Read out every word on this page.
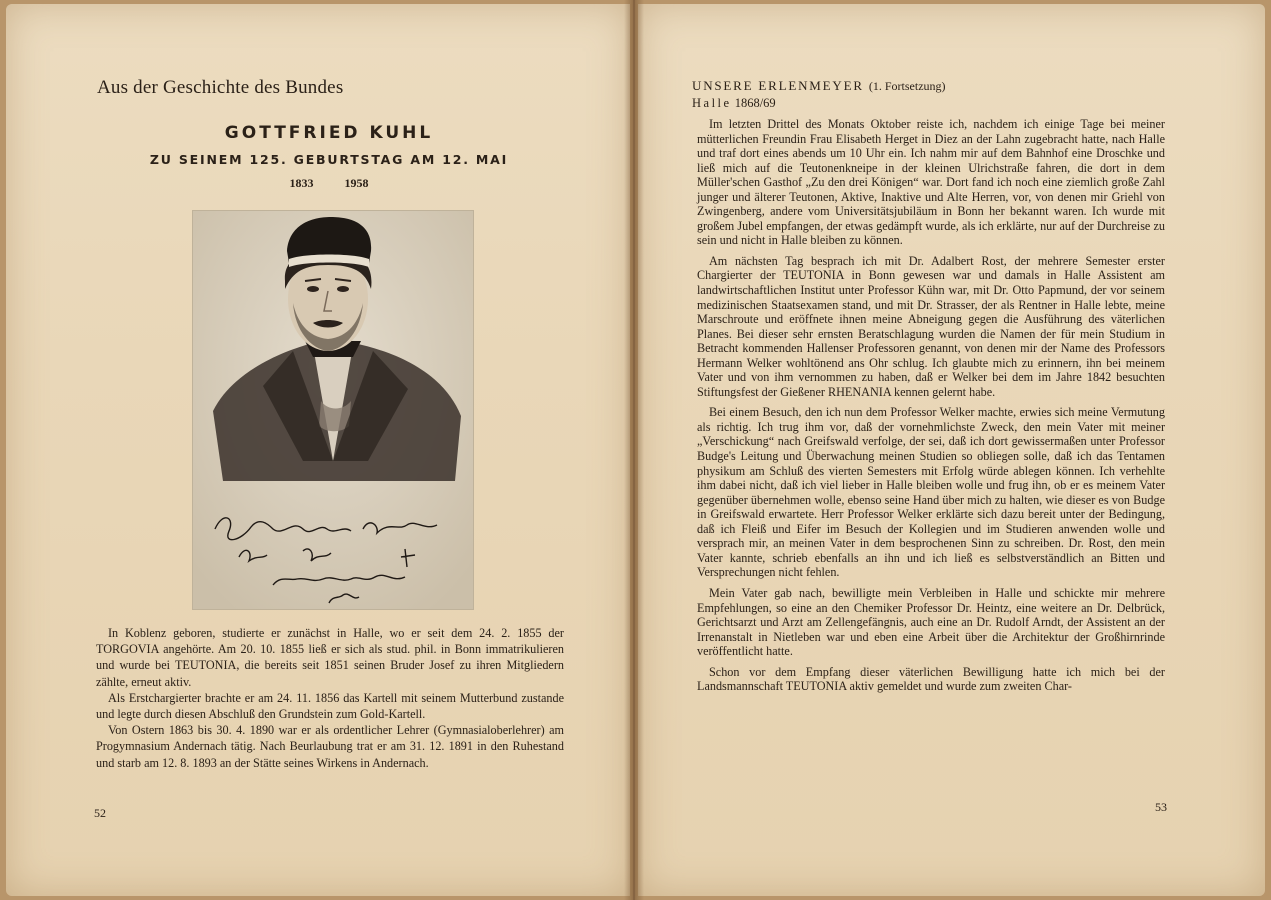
Aus der Geschichte des Bundes
GOTTFRIED KUHL
ZU SEINEM 125. GEBURTSTAG AM 12. MAI
1833 1958

In Koblenz geboren, studierte er zunächst in Halle, wo er seit dem 24. 2. 1855 der TORGOVIA angehörte. Am 20. 10. 1855 ließ er sich als stud. phil. in Bonn immatrikulieren und wurde bei TEUTONIA, die bereits seit 1851 seinen Bruder Josef zu ihren Mitgliedern zählte, erneut aktiv.

Als Erstchargierter brachte er am 24. 11. 1856 das Kartell mit seinem Mutterbund zustande und legte durch diesen Abschluß den Grundstein zum Gold-Kartell.

Von Ostern 1863 bis 30. 4. 1890 war er als ordentlicher Lehrer (Gymnasialoberlehrer) am Progymnasium Andernach tätig. Nach Beurlaubung trat er am 31. 12. 1891 in den Ruhestand und starb am 12. 8. 1893 an der Stätte seines Wirkens in Andernach.

52
UNSERE ERLENMEYER (1. Fortsetzung)
Halle 1868/69

Im letzten Drittel des Monats Oktober reiste ich, nachdem ich einige Tage bei meiner mütterlichen Freundin Frau Elisabeth Herget in Diez an der Lahn zugebracht hatte, nach Halle und traf dort eines abends um 10 Uhr ein. Ich nahm mir auf dem Bahnhof eine Droschke und ließ mich auf die Teutonenkneipe in der kleinen Ulrichstraße fahren, die dort in dem Müller'schen Gasthof „Zu den drei Königen“ war. Dort fand ich noch eine ziemlich große Zahl junger und älterer Teutonen, Aktive, Inaktive und Alte Herren, vor, von denen mir Griehl von Zwingenberg, andere vom Universitätsjubiläum in Bonn her bekannt waren. Ich wurde mit großem Jubel empfangen, der etwas gedämpft wurde, als ich erklärte, nur auf der Durchreise zu sein und nicht in Halle bleiben zu können.

Am nächsten Tag besprach ich mit Dr. Adalbert Rost, der mehrere Semester erster Chargierter der TEUTONIA in Bonn gewesen war und damals in Halle Assistent am landwirtschaftlichen Institut unter Professor Kühn war, mit Dr. Otto Papmund, der vor seinem medizinischen Staatsexamen stand, und mit Dr. Strasser, der als Rentner in Halle lebte, meine Marschroute und eröffnete ihnen meine Abneigung gegen die Ausführung des väterlichen Planes. Bei dieser sehr ernsten Beratschlagung wurden die Namen der für mein Studium in Betracht kommenden Hallenser Professoren genannt, von denen mir der Name des Professors Hermann Welker wohltönend ans Ohr schlug. Ich glaubte mich zu erinnern, ihn bei meinem Vater und von ihm vernommen zu haben, daß er Welker bei dem im Jahre 1842 besuchten Stiftungsfest der Gießener RHENANIA kennen gelernt habe.

Bei einem Besuch, den ich nun dem Professor Welker machte, erwies sich meine Vermutung als richtig. Ich trug ihm vor, daß der vornehmlichste Zweck, den mein Vater mit meiner „Verschickung“ nach Greifswald verfolge, der sei, daß ich dort gewissermaßen unter Professor Budge's Leitung und Überwachung meinen Studien so obliegen solle, daß ich das Tentamen physikum am Schluß des vierten Semesters mit Erfolg würde ablegen können. Ich verhehlte ihm dabei nicht, daß ich viel lieber in Halle bleiben wolle und frug ihn, ob er es meinem Vater gegenüber übernehmen wolle, ebenso seine Hand über mich zu halten, wie dieser es von Budge in Greifswald erwartete. Herr Professor Welker erklärte sich dazu bereit unter der Bedingung, daß ich Fleiß und Eifer im Besuch der Kollegien und im Studieren anwenden wolle und versprach mir, an meinen Vater in dem besprochenen Sinn zu schreiben. Dr. Rost, den mein Vater kannte, schrieb ebenfalls an ihn und ich ließ es selbstverständlich an Bitten und Versprechungen nicht fehlen.

Mein Vater gab nach, bewilligte mein Verbleiben in Halle und schickte mir mehrere Empfehlungen, so eine an den Chemiker Professor Dr. Heintz, eine weitere an Dr. Delbrück, Gerichtsarzt und Arzt am Zellengefängnis, auch eine an Dr. Rudolf Arndt, der Assistent an der Irrenanstalt in Nietleben war und eben eine Arbeit über die Architektur der Großhirnrinde veröffentlicht hatte.

Schon vor dem Empfang dieser väterlichen Bewilligung hatte ich mich bei der Landsmannschaft TEUTONIA aktiv gemeldet und wurde zum zweiten Char-

53
